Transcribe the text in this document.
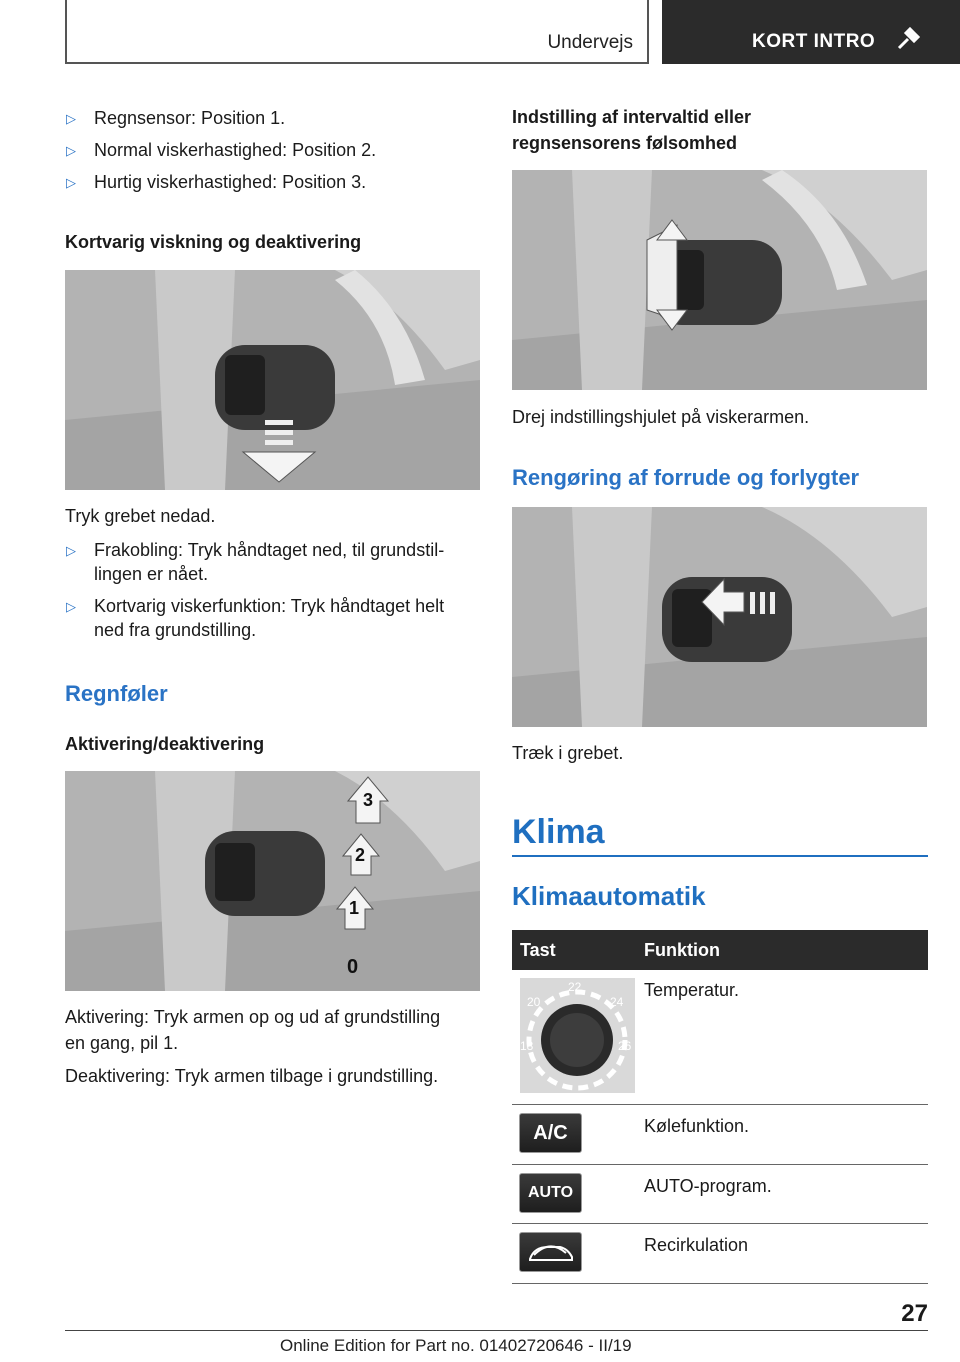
Undervejs	KORT INTRO
▷ Regnsensor: Position 1.
▷ Normal viskerhastighed: Position 2.
▷ Hurtig viskerhastighed: Position 3.
Kortvarig viskning og deaktivering
Tryk grebet nedad.
▷ Frakobling: Tryk håndtaget ned, til grundstil-
lingen er nået.
▷ Kortvarig viskerfunktion: Tryk håndtaget helt
ned fra grundstilling.
Regnføler
Aktivering/deaktivering
3
2
1
0
Aktivering: Tryk armen op og ud af grundstilling
en gang, pil 1.
Deaktivering: Tryk armen tilbage i grundstilling.
Indstilling af intervaltid eller
regnsensorens følsomhed
Drej indstillingshjulet på viskerarmen.
Rengøring af forrude og forlygter
Træk i grebet.
Klima
Klimaautomatik
Tast	Funktion
22
20	24
18	26
Temperatur.
A/C	Kølefunktion.
AUTO	AUTO-program.
Recirkulation
27
Online Edition for Part no. 01402720646 - II/19
